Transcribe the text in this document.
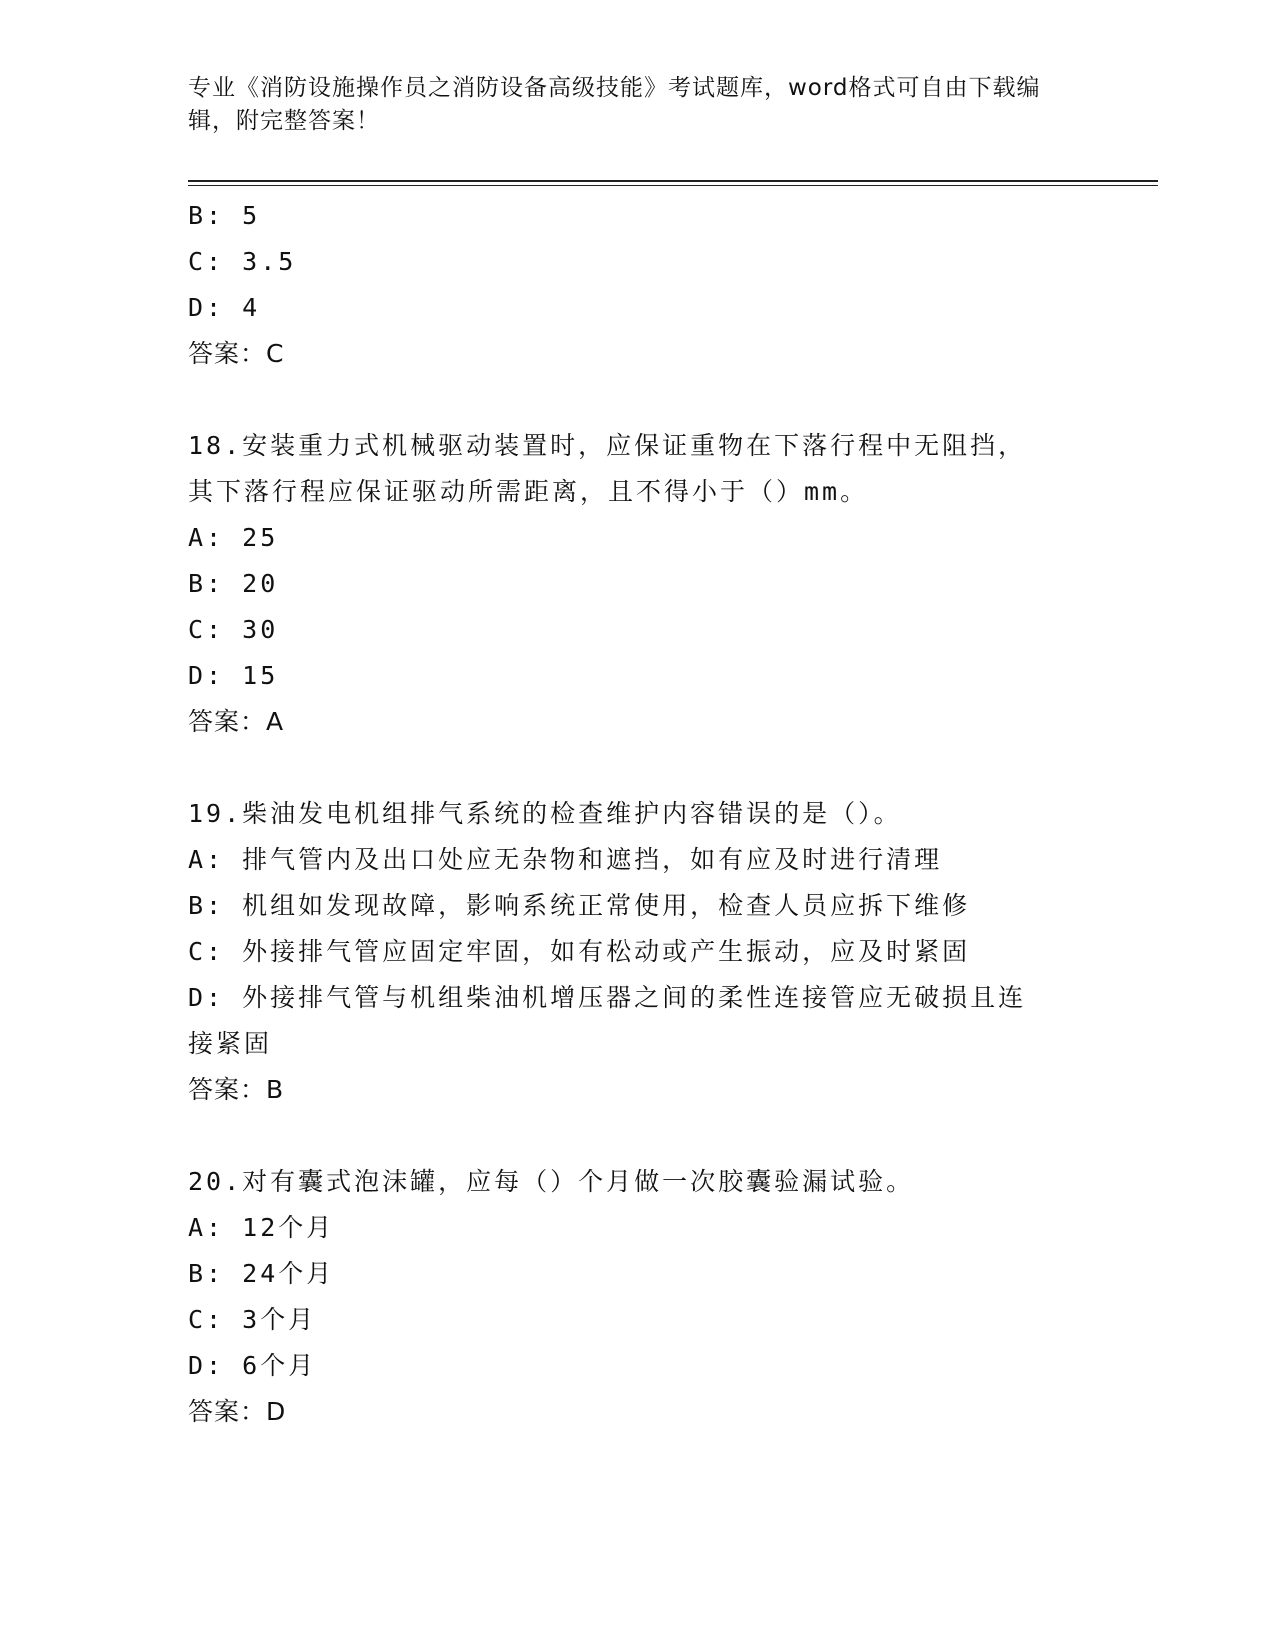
专业《消防设施操作员之消防设备高级技能》考试题库，word格式可自由下载编辑，附完整答案！
B: 5
C: 3.5
D: 4
答案：C
18.安装重力式机械驱动装置时，应保证重物在下落行程中无阻挡，其下落行程应保证驱动所需距离，且不得小于（）mm。
A: 25
B: 20
C: 30
D: 15
答案：A
19.柴油发电机组排气系统的检查维护内容错误的是（）。
A: 排气管内及出口处应无杂物和遮挡，如有应及时进行清理
B: 机组如发现故障，影响系统正常使用，检查人员应拆下维修
C: 外接排气管应固定牢固，如有松动或产生振动，应及时紧固
D: 外接排气管与机组柴油机增压器之间的柔性连接管应无破损且连接紧固
答案：B
20.对有囊式泡沫罐，应每（）个月做一次胶囊验漏试验。
A: 12个月
B: 24个月
C: 3个月
D: 6个月
答案：D
